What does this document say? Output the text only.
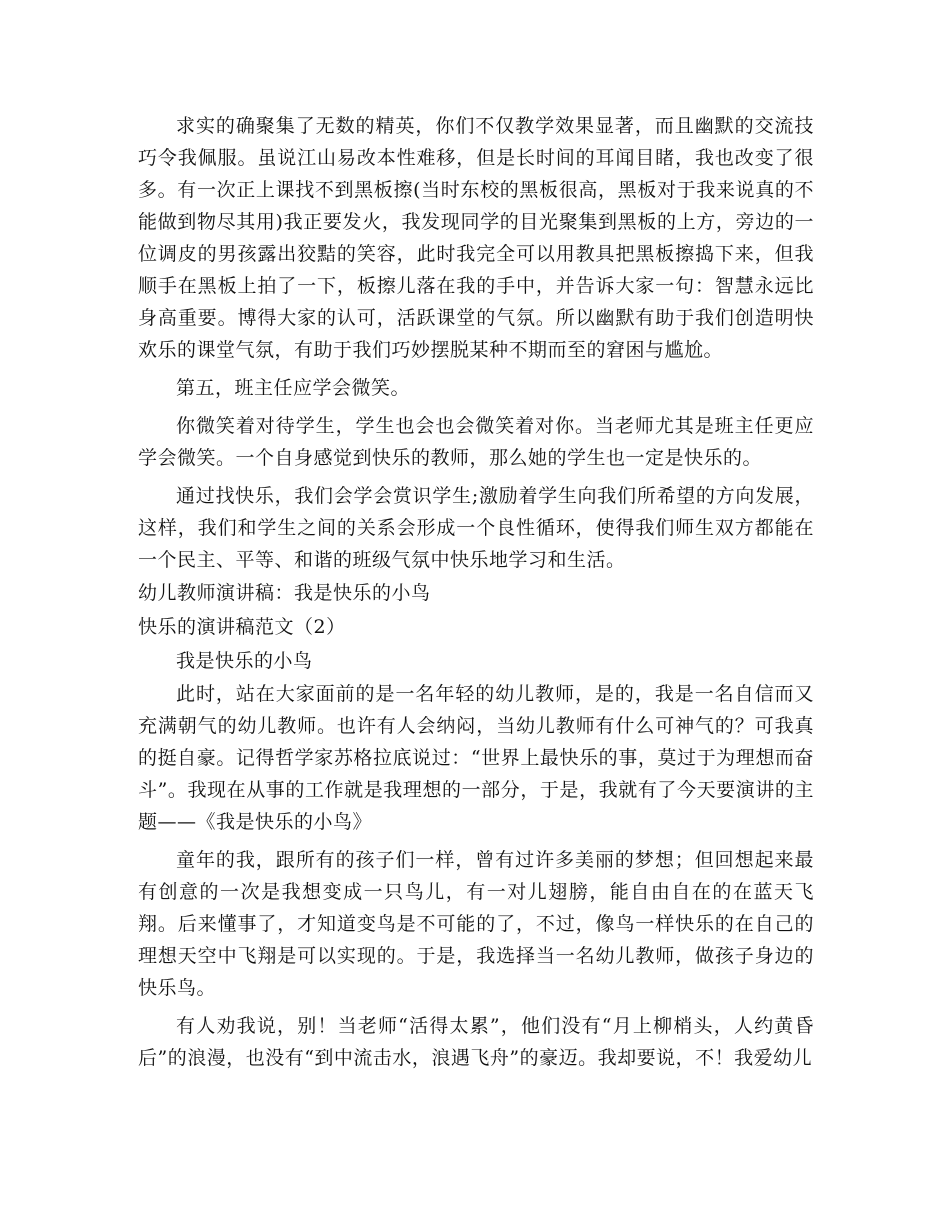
求实的确聚集了无数的精英，你们不仅教学效果显著，而且幽默的交流技巧令我佩服。虽说江山易改本性难移，但是长时间的耳闻目睹，我也改变了很多。有一次正上课找不到黑板擦(当时东校的黑板很高，黑板对于我来说真的不能做到物尽其用)我正要发火，我发现同学的目光聚集到黑板的上方，旁边的一位调皮的男孩露出狡黠的笑容，此时我完全可以用教具把黑板擦捣下来，但我顺手在黑板上拍了一下，板擦儿落在我的手中，并告诉大家一句：智慧永远比身高重要。博得大家的认可，活跃课堂的气氛。所以幽默有助于我们创造明快欢乐的课堂气氛，有助于我们巧妙摆脱某种不期而至的窘困与尴尬。

第五，班主任应学会微笑。

你微笑着对待学生，学生也会也会微笑着对你。当老师尤其是班主任更应学会微笑。一个自身感觉到快乐的教师，那么她的学生也一定是快乐的。

通过找快乐，我们会学会赏识学生;激励着学生向我们所希望的方向发展，这样，我们和学生之间的关系会形成一个良性循环，使得我们师生双方都能在一个民主、平等、和谐的班级气氛中快乐地学习和生活。

幼儿教师演讲稿：我是快乐的小鸟

快乐的演讲稿范文（2）

我是快乐的小鸟

此时，站在大家面前的是一名年轻的幼儿教师，是的，我是一名自信而又充满朝气的幼儿教师。也许有人会纳闷，当幼儿教师有什么可神气的？可我真的挺自豪。记得哲学家苏格拉底说过：“世界上最快乐的事，莫过于为理想而奋斗”。我现在从事的工作就是我理想的一部分，于是，我就有了今天要演讲的主题——《我是快乐的小鸟》

童年的我，跟所有的孩子们一样，曾有过许多美丽的梦想；但回想起来最有创意的一次是我想变成一只鸟儿，有一对儿翅膀，能自由自在的在蓝天飞翔。后来懂事了，才知道变鸟是不可能的了，不过，像鸟一样快乐的在自己的理想天空中飞翔是可以实现的。于是，我选择当一名幼儿教师，做孩子身边的快乐鸟。

有人劝我说，别！当老师“活得太累”，他们没有“月上柳梢头，人约黄昏后”的浪漫，也没有“到中流击水，浪遇飞舟”的豪迈。我却要说，不！我爱幼儿
